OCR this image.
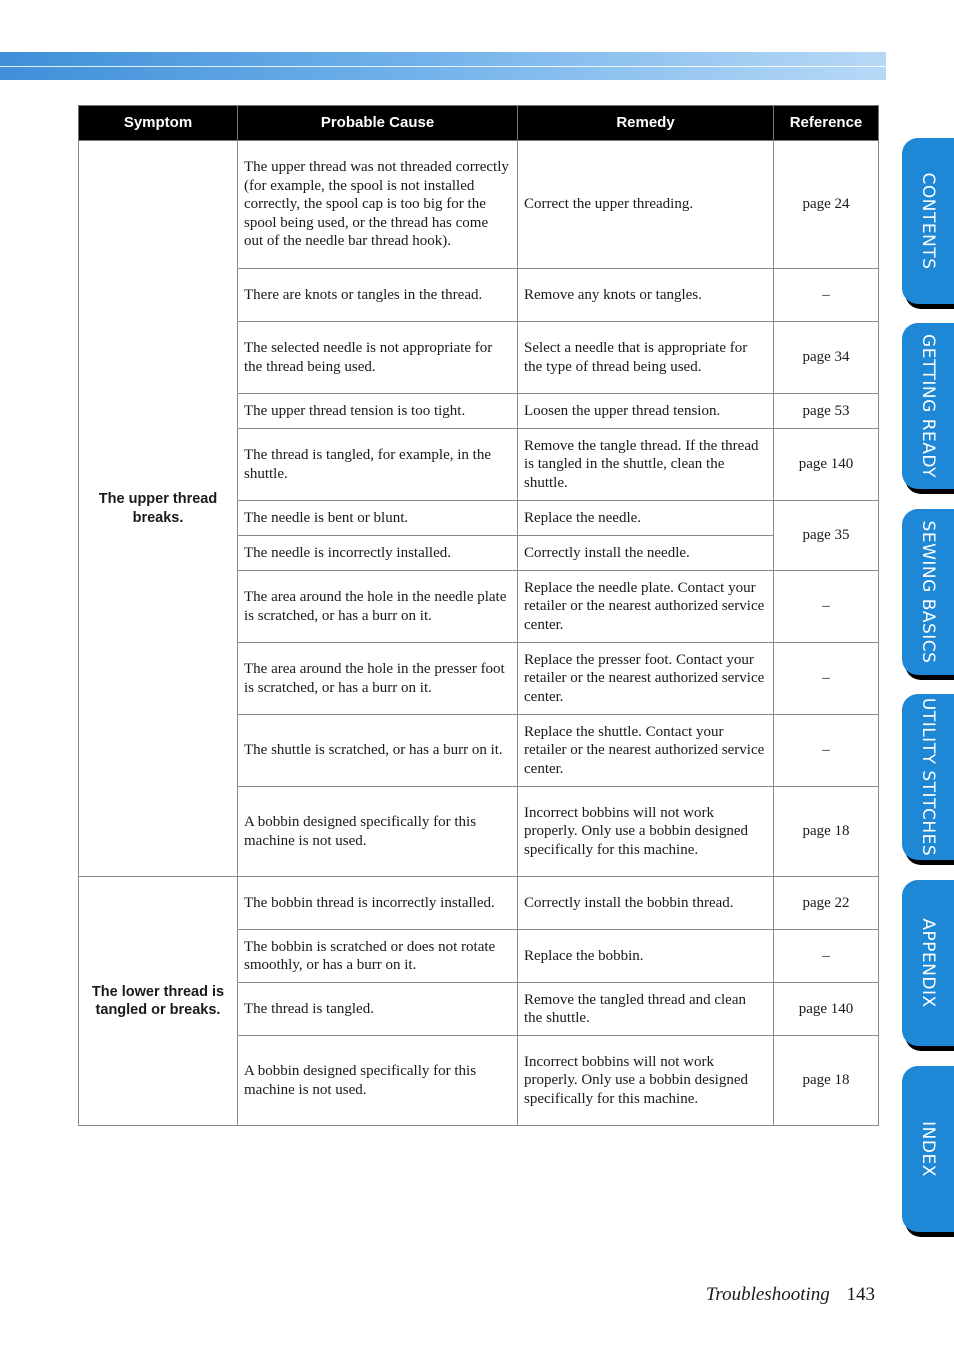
Symptom	Probable Cause	Remedy	Reference
The upper thread breaks.	The upper thread was not threaded correctly (for example, the spool is not installed correctly, the spool cap is too big for the spool being used, or the thread has come out of the needle bar thread hook).	Correct the upper threading.	page 24
	There are knots or tangles in the thread.	Remove any knots or tangles.	–
	The selected needle is not appropriate for the thread being used.	Select a needle that is appropriate for the type of thread being used.	page 34
	The upper thread tension is too tight.	Loosen the upper thread tension.	page 53
	The thread is tangled, for example, in the shuttle.	Remove the tangle thread. If the thread is tangled in the shuttle, clean the shuttle.	page 140
	The needle is bent or blunt.	Replace the needle.	page 35
	The needle is incorrectly installed.	Correctly install the needle.	
	The area around the hole in the needle plate is scratched, or has a burr on it.	Replace the needle plate. Contact your retailer or the nearest authorized service center.	–
	The area around the hole in the presser foot is scratched, or has a burr on it.	Replace the presser foot. Contact your retailer or the nearest authorized service center.	–
	The shuttle is scratched, or has a burr on it.	Replace the shuttle. Contact your retailer or the nearest authorized service center.	–
	A bobbin designed specifically for this machine is not used.	Incorrect bobbins will not work properly. Only use a bobbin designed specifically for this machine.	page 18
The lower thread is tangled or breaks.	The bobbin thread is incorrectly installed.	Correctly install the bobbin thread.	page 22
	The bobbin is scratched or does not rotate smoothly, or has a burr on it.	Replace the bobbin.	–
	The thread is tangled.	Remove the tangled thread and clean the shuttle.	page 140
	A bobbin designed specifically for this machine is not used.	Incorrect bobbins will not work properly. Only use a bobbin designed specifically for this machine.	page 18
CONTENTS
GETTING READY
SEWING BASICS
UTILITY STITCHES
APPENDIX
INDEX
Troubleshooting 143
